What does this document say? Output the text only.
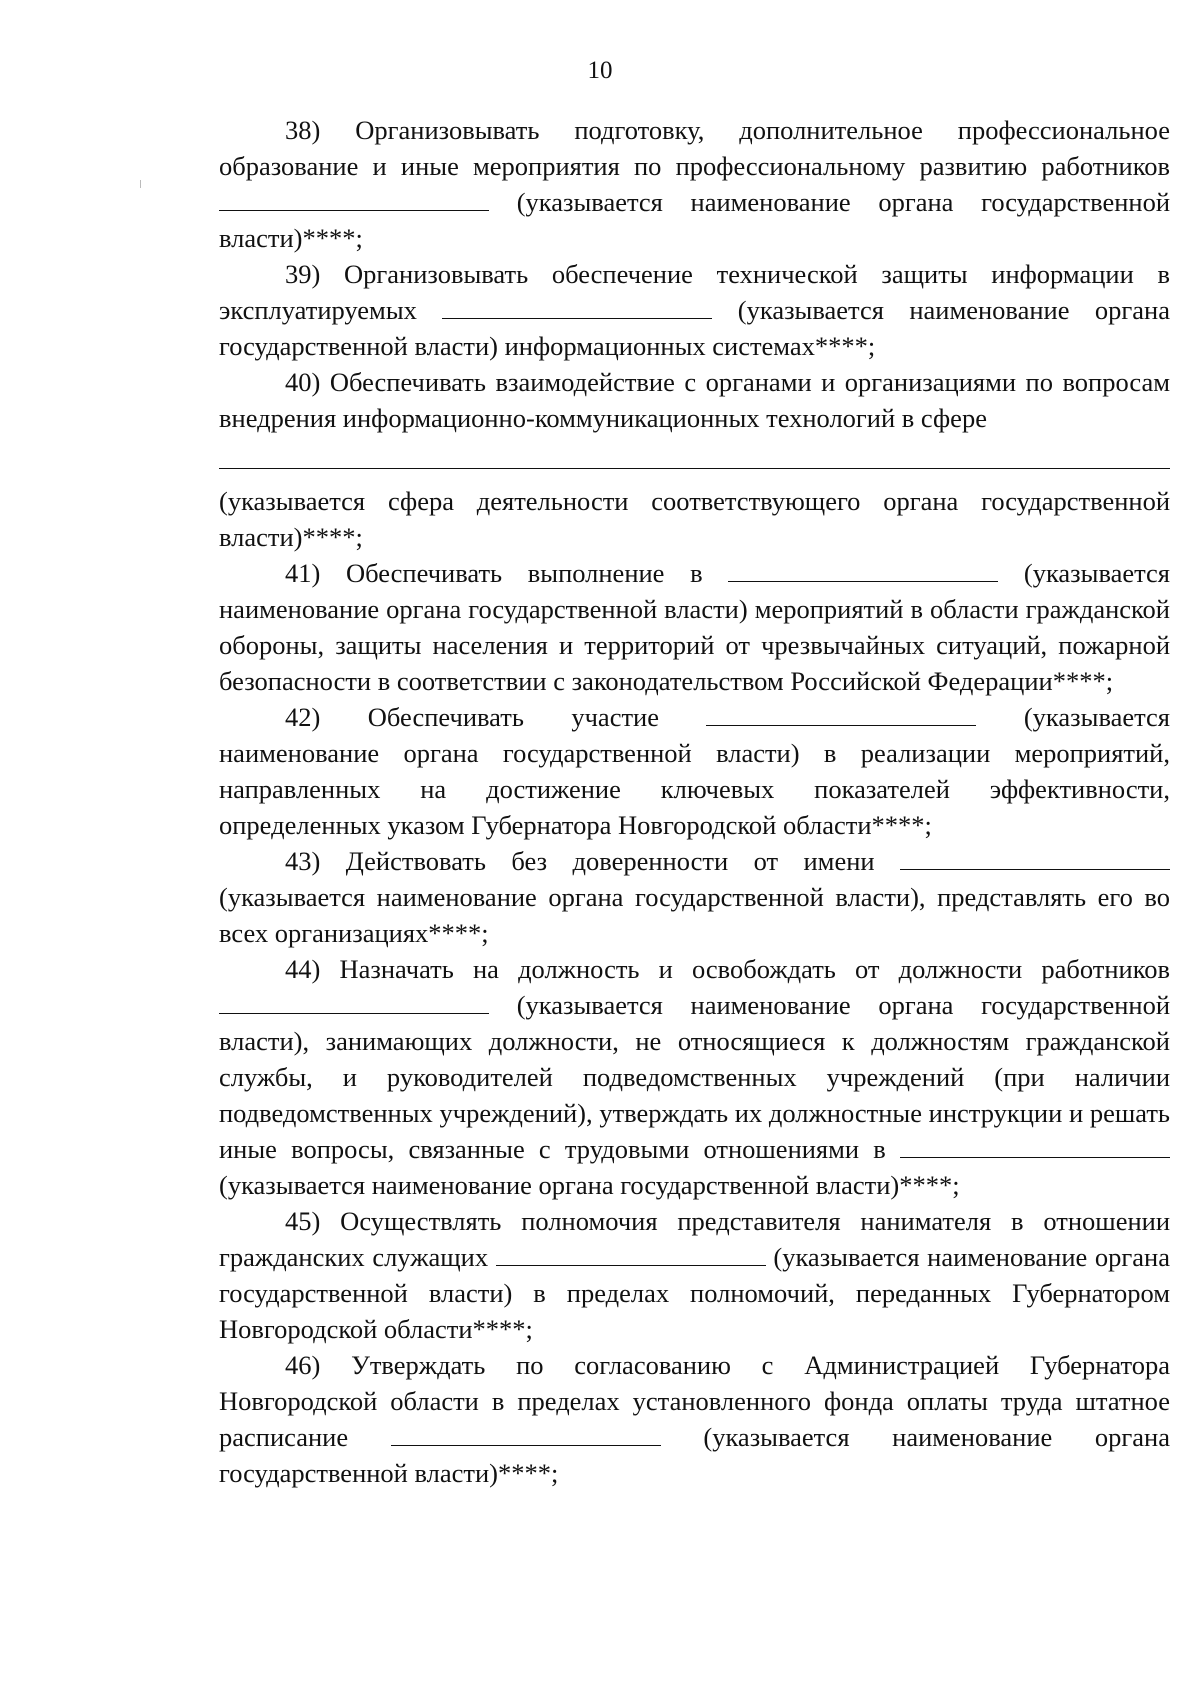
10

38) Организовывать подготовку, дополнительное профессиональное образование и иные мероприятия по профессиональному развитию работников  (указывается наименование органа государственной власти)****;

39) Организовывать обеспечение технической защиты информации в эксплуатируемых	(указывается наименование органа государственной власти) информационных системах****;

40) Обеспечивать взаимодействие с органами и организациями по вопросам внедрения информационно-коммуникационных технологий в сфере

(указывается сфера деятельности соответствующего органа государственной власти)****;

41) Обеспечивать выполнение в	(указывается наименование органа государственной власти) мероприятий в области гражданской обороны, защиты населения и территорий от чрезвычайных ситуаций, пожарной безопасности в соответствии с законодательством Российской Федерации****;

42) Обеспечивать участие	(указывается наименование органа государственной власти) в реализации мероприятий, направленных на достижение ключевых показателей эффективности, определенных указом Губернатора Новгородской области****;

43) Действовать без доверенности от имени  (указывается наименование органа государственной власти), представлять его во всех организациях****;

44) Назначать на должность и освобождать от должности работников  (указывается наименование органа государственной власти), занимающих должности, не относящиеся к должностям гражданской службы, и руководителей подведомственных учреждений (при наличии подведомственных учреждений), утверждать их должностные инструкции и решать иные вопросы, связанные с трудовыми отношениями в  (указывается наименование органа государственной власти)****;

45) Осуществлять полномочия представителя нанимателя в отношении гражданских служащих	(указывается наименование органа государственной власти) в пределах полномочий, переданных Губернатором Новгородской области****;

46) Утверждать по согласованию с Администрацией Губернатора Новгородской области в пределах установленного фонда оплаты труда штатное расписание	(указывается наименование органа государственной власти)****;
